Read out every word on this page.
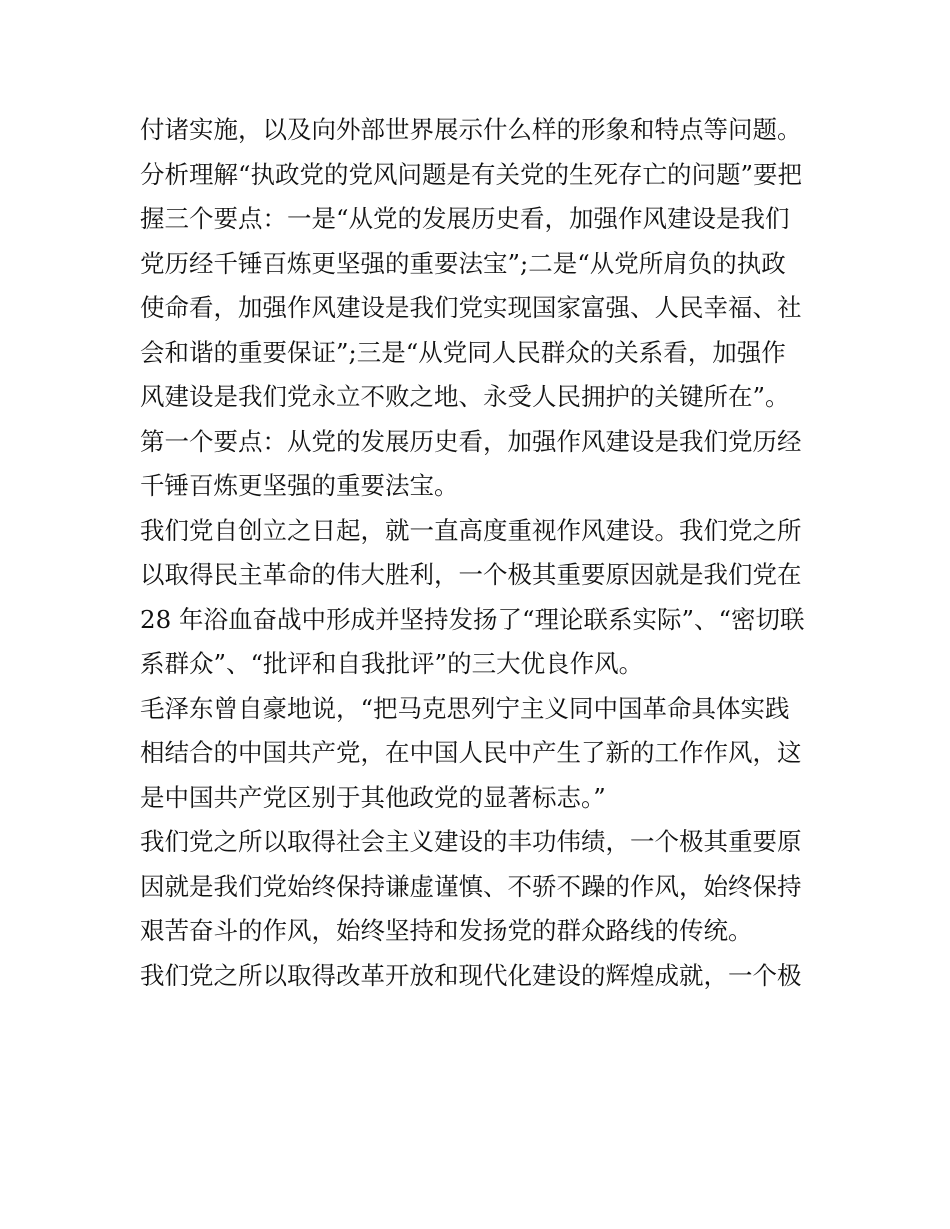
付诸实施，以及向外部世界展示什么样的形象和特点等问题。

分析理解“执政党的党风问题是有关党的生死存亡的问题”要把

握三个要点：一是“从党的发展历史看，加强作风建设是我们

党历经千锤百炼更坚强的重要法宝”;二是“从党所肩负的执政

使命看，加强作风建设是我们党实现国家富强、人民幸福、社

会和谐的重要保证”;三是“从党同人民群众的关系看，加强作

风建设是我们党永立不败之地、永受人民拥护的关键所在”。

第一个要点：从党的发展历史看，加强作风建设是我们党历经

千锤百炼更坚强的重要法宝。

我们党自创立之日起，就一直高度重视作风建设。我们党之所

以取得民主革命的伟大胜利，一个极其重要原因就是我们党在

28 年浴血奋战中形成并坚持发扬了“理论联系实际”、“密切联

系群众”、“批评和自我批评”的三大优良作风。

毛泽东曾自豪地说，“把马克思列宁主义同中国革命具体实践

相结合的中国共产党，在中国人民中产生了新的工作作风，这

是中国共产党区别于其他政党的显著标志。”

我们党之所以取得社会主义建设的丰功伟绩，一个极其重要原

因就是我们党始终保持谦虚谨慎、不骄不躁的作风，始终保持

艰苦奋斗的作风，始终坚持和发扬党的群众路线的传统。

我们党之所以取得改革开放和现代化建设的辉煌成就，一个极
